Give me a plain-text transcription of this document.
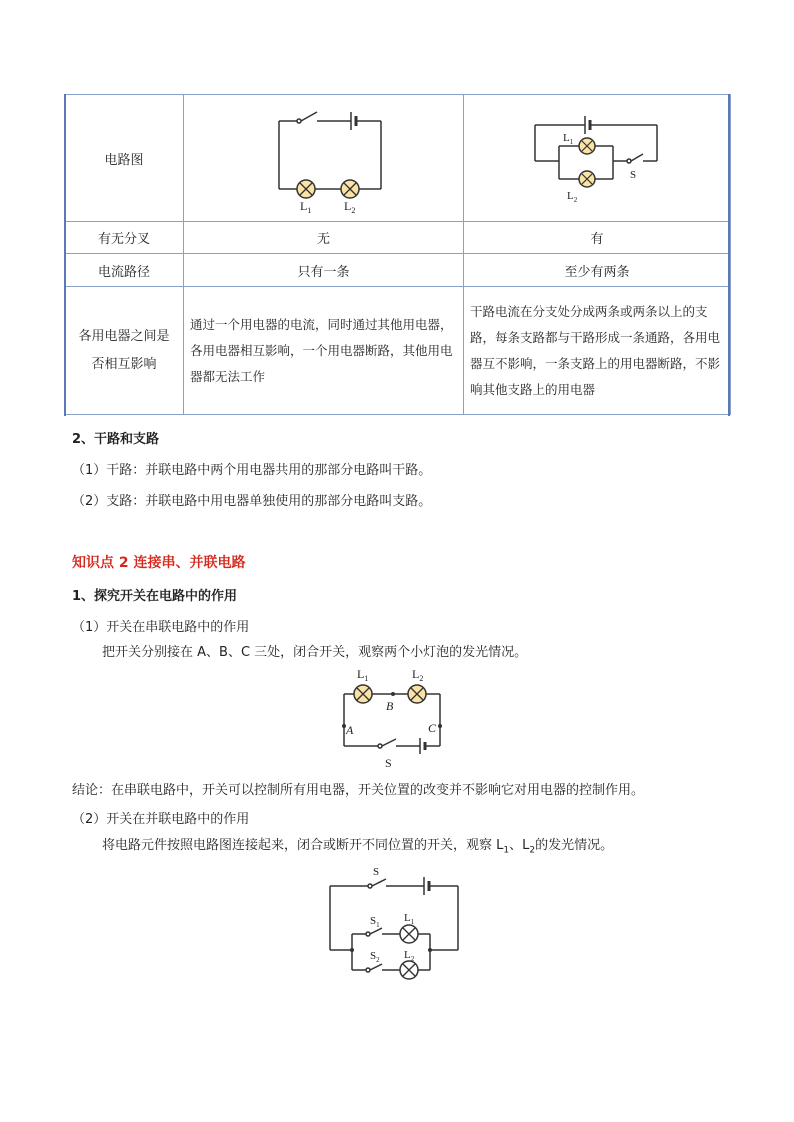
电路图	$L_1$ $L_2$	$L_1$
$L_2$
S

有无分叉	无	有
电流路径	只有一条	至少有两条

各用电器之间是
否相互影响	通过一个用电器的电流，同时通过其他用电器，各用电器相互影响，一个用电器断路，其他用电器都无法工作	干路电流在分支处分成两条或两条以上的支路，每条支路都与干路形成一条通路，各用电器互不影响，一条支路上的用电器断路，不影响其他支路上的用电器
2、干路和支路
（1）干路：并联电路中两个用电器共用的那部分电路叫干路。
（2）支路：并联电路中用电器单独使用的那部分电路叫支路。
知识点 2 连接串、并联电路
1、探究开关在电路中的作用
（1）开关在串联电路中的作用
把开关分别接在 A、B、C 三处，闭合开关，观察两个小灯泡的发光情况。
$L_1$	$L_2$
B
A	C
S
结论：在串联电路中，开关可以控制所有用电器，开关位置的改变并不影响它对用电器的控制作用。
（2）开关在并联电路中的作用
将电路元件按照电路图连接起来，闭合或断开不同位置的开关，观察 $L_1$、$L_2$的发光情况。
S
$S_1$
$L_1$
$S_2$ $L_2$
